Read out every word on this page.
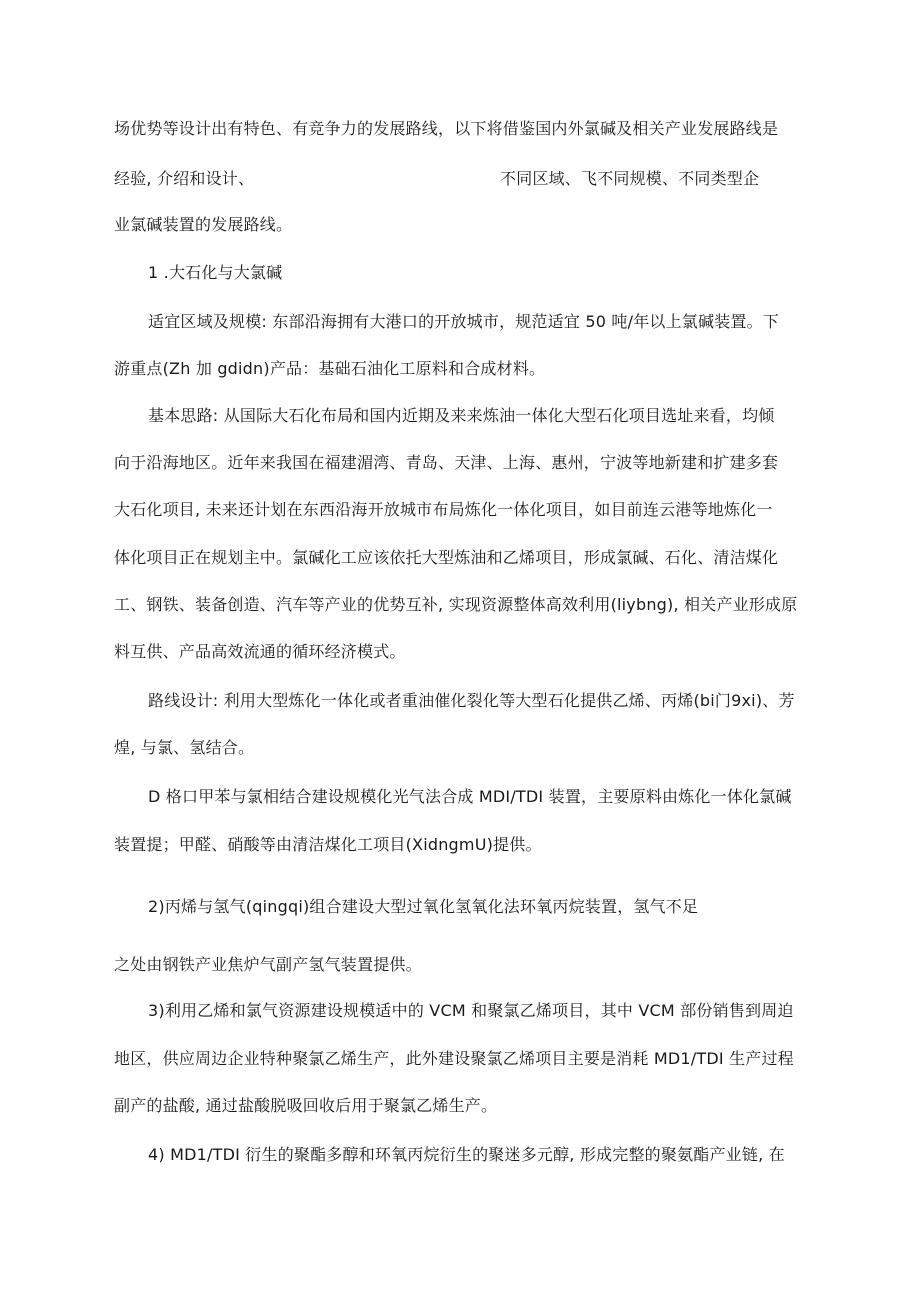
场优势等设计出有特色、有竞争力的发展路线，以下将借鉴国内外氯碱及相关产业发展路线是
经验, 介绍和设计、	不同区域、飞不同规模、不同类型企
业氯碱装置的发展路线。
1 .大石化与大氯碱
适宜区域及规模: 东部沿海拥有大港口的开放城市，规范适宜 50 吨/年以上氯碱装置。下
游重点(Zh 加 gdidn)产品：基础石油化工原料和合成材料。
基本思路: 从国际大石化布局和国内近期及来来炼油一体化大型石化项目选址来看，均倾
向于沿海地区。近年来我国在福建湄湾、青岛、天津、上海、惠州，宁波等地新建和扩建多套
大石化项目, 未来还计划在东西沿海开放城市布局炼化一体化项目，如目前连云港等地炼化一
体化项目正在规划主中。氯碱化工应该依托大型炼油和乙烯项目，形成氯碱、石化、清洁煤化
工、钢铁、装备创造、汽车等产业的优势互补, 实现资源整体高效利用(liybng), 相关产业形成原
料互供、产品高效流通的循环经济模式。
路线设计: 利用大型炼化一体化或者重油催化裂化等大型石化提供乙烯、丙烯(bi门9xi)、芳
煌, 与氯、氢结合。
D 格口甲苯与氯相结合建设规模化光气法合成 MDI/TDI 装置，主要原料由炼化一体化氯碱
装置提；甲醛、硝酸等由清洁煤化工项目(XidngmU)提供。
2)丙烯与氢气(qingqi)组合建设大型过氧化氢氧化法环氧丙烷装置，氢气不足
之处由钢铁产业焦炉气副产氢气装置提供。
3)利用乙烯和氯气资源建设规模适中的 VCM 和聚氯乙烯项目，其中 VCM 部份销售到周迫
地区，供应周边企业特种聚氯乙烯生产，此外建设聚氯乙烯项目主要是消耗 MD1/TDI 生产过程
副产的盐酸, 通过盐酸脱吸回收后用于聚氯乙烯生产。
4) MD1/TDI 衍生的聚酯多醇和环氧丙烷衍生的聚迷多元醇, 形成完整的聚氨酯产业链, 在
